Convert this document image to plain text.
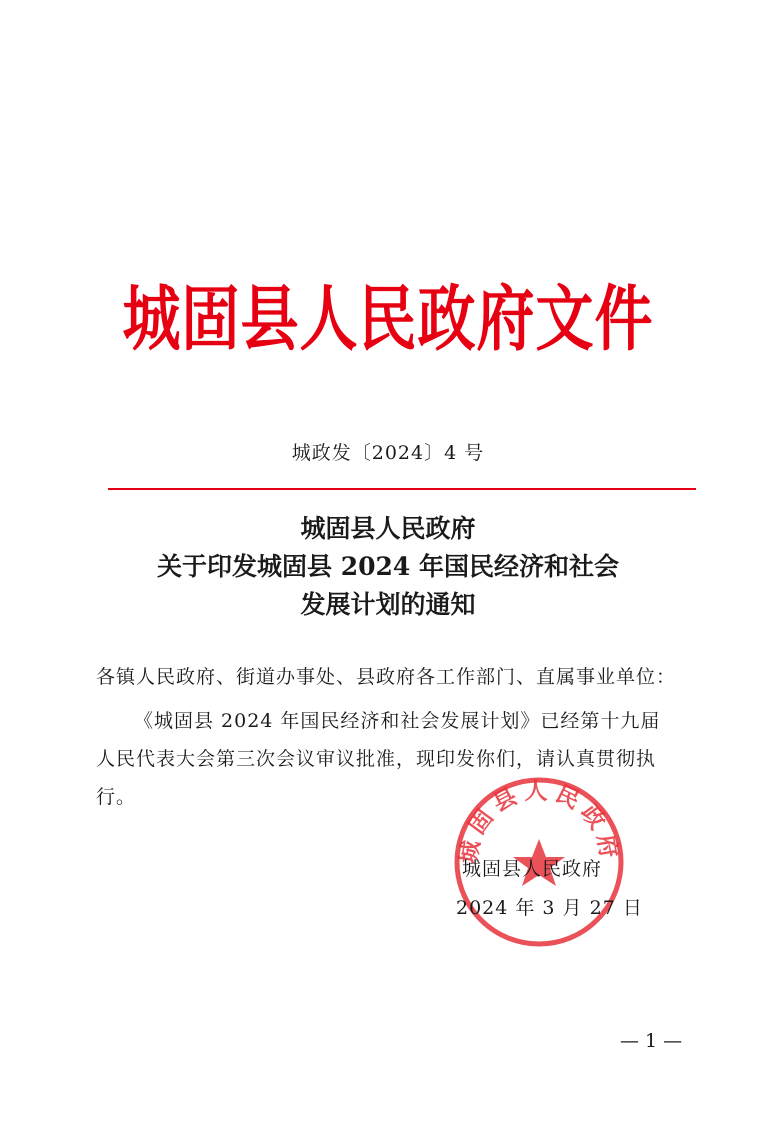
城固县人民政府文件
城政发〔2024〕4 号
城固县人民政府
关于印发城固县 2024 年国民经济和社会
发展计划的通知
各镇人民政府、街道办事处、县政府各工作部门、直属事业单位：
《城固县 2024 年国民经济和社会发展计划》已经第十九届
人民代表大会第三次会议审议批准，现印发你们，请认真贯彻执
行。
城固县人民政府
城固县人民政府
2024 年 3 月 27 日
— 1 —
